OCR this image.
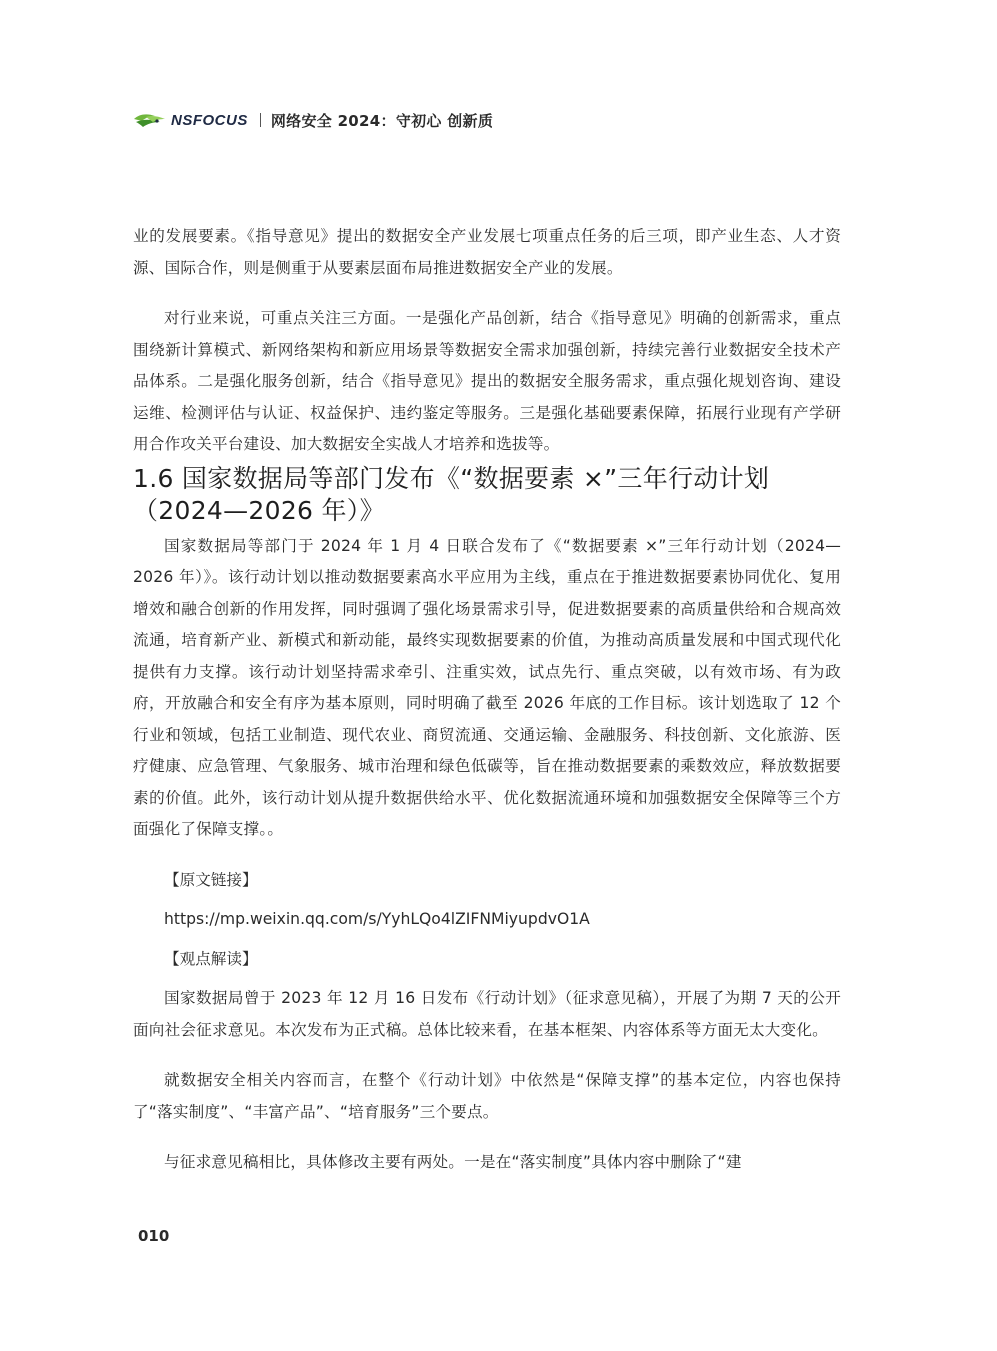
NSFOCUS 网络安全 2024：守初心 创新质

业的发展要素。《指导意见》提出的数据安全产业发展七项重点任务的后三项，即产业生态、人才资源、国际合作，则是侧重于从要素层面布局推进数据安全产业的发展。

对行业来说，可重点关注三方面。一是强化产品创新，结合《指导意见》明确的创新需求，重点围绕新计算模式、新网络架构和新应用场景等数据安全需求加强创新，持续完善行业数据安全技术产品体系。二是强化服务创新，结合《指导意见》提出的数据安全服务需求，重点强化规划咨询、建设运维、检测评估与认证、权益保护、违约鉴定等服务。三是强化基础要素保障，拓展行业现有产学研用合作攻关平台建设、加大数据安全实战人才培养和选拔等。

1.6 国家数据局等部门发布《“数据要素 ×”三年行动计划（2024—2026 年）》

国家数据局等部门于 2024 年 1 月 4 日联合发布了《“数据要素 ×”三年行动计划（2024—2026 年）》。该行动计划以推动数据要素高水平应用为主线，重点在于推进数据要素协同优化、复用增效和融合创新的作用发挥，同时强调了强化场景需求引导，促进数据要素的高质量供给和合规高效流通，培育新产业、新模式和新动能，最终实现数据要素的价值，为推动高质量发展和中国式现代化提供有力支撑。该行动计划坚持需求牵引、注重实效，试点先行、重点突破，以有效市场、有为政府，开放融合和安全有序为基本原则，同时明确了截至 2026 年底的工作目标。该计划选取了 12 个行业和领域，包括工业制造、现代农业、商贸流通、交通运输、金融服务、科技创新、文化旅游、医疗健康、应急管理、气象服务、城市治理和绿色低碳等，旨在推动数据要素的乘数效应，释放数据要素的价值。此外，该行动计划从提升数据供给水平、优化数据流通环境和加强数据安全保障等三个方面强化了保障支撑。。

【原文链接】
https://mp.weixin.qq.com/s/YyhLQo4lZIFNMiyupdvO1A
【观点解读】

国家数据局曾于 2023 年 12 月 16 日发布《行动计划》（征求意见稿），开展了为期 7 天的公开面向社会征求意见。本次发布为正式稿。总体比较来看，在基本框架、内容体系等方面无太大变化。

就数据安全相关内容而言，在整个《行动计划》中依然是“保障支撑”的基本定位，内容也保持了“落实制度”、“丰富产品”、“培育服务”三个要点。

与征求意见稿相比，具体修改主要有两处。一是在“落实制度”具体内容中删除了“建

010
